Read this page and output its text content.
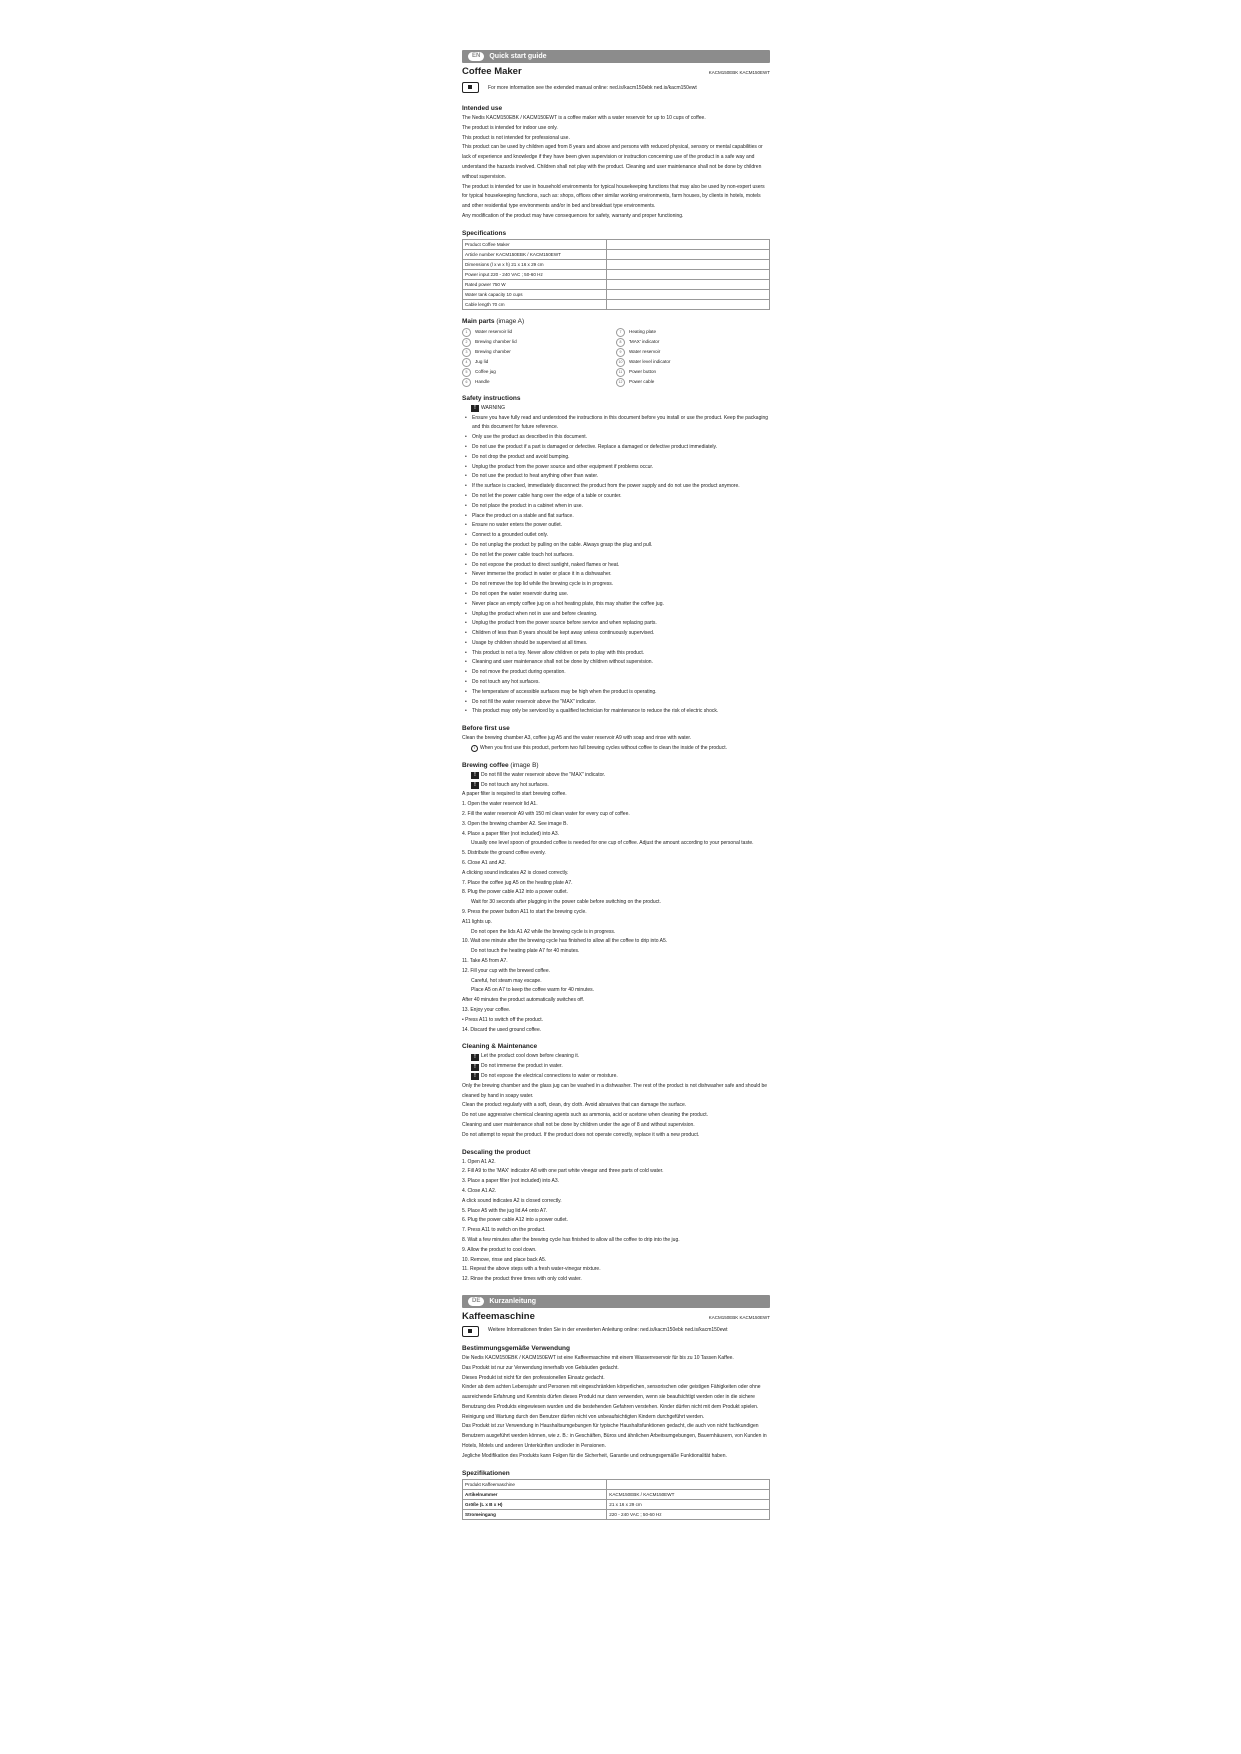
EN	Quick start guide
Coffee Maker	KACM150EBK KACM150EWT
For more information see the extended manual online: ned.is/kacm150ebk ned.is/kacm150ewt
Intended use

The Nedis KACM150EBK / KACM150EWT is a coffee maker with a water reservoir for up to 10 cups of coffee.

The product is intended for indoor use only.

This product is not intended for professional use.

This product can be used by children aged from 8 years and above and persons with reduced physical, sensory or mental capabilities or lack of experience and knowledge if they have been given supervision or instruction concerning use of the product in a safe way and understand the hazards involved. Children shall not play with the product. Cleaning and user maintenance shall not be done by children without supervision.

The product is intended for use in household environments for typical housekeeping functions that may also be used by non-expert users for typical housekeeping functions, such as: shops, offices other similar working environments, farm houses, by clients in hotels, motels and other residential type environments and/or in bed and breakfast type environments.

Any modification of the product may have consequences for safety, warranty and proper functioning.

Specifications
Product Coffee Maker	
Article number KACM150EBK / KACM150EWT	
Dimensions (l x w x h) 21 x 16 x 29 cm	
Power input 220 - 240 VAC ; 50-60 Hz	
Rated power 750 W	
Water tank capacity 10 cups	
Cable length 70 cm	
Main parts (image A)
1 Water reservoir lid	7 Heating plate
2 Brewing chamber lid	8 'MAX' indicator
3 Brewing chamber	9 Water reservoir
4 Jug lid	10 Water level indicator
5 Coffee jug	11 Power button
6 Handle	12 Power cable
Safety instructions
!	WARNING
• Ensure you have fully read and understood the instructions in this document before you install or use the product. Keep the packaging and this document for future reference.
• Only use the product as described in this document.
• Do not use the product if a part is damaged or defective. Replace a damaged or defective product immediately.
• Do not drop the product and avoid bumping.
• Unplug the product from the power source and other equipment if problems occur.
• Do not use the product to heat anything other than water.
• If the surface is cracked, immediately disconnect the product from the power supply and do not use the product anymore.
• Do not let the power cable hang over the edge of a table or counter.
• Do not place the product in a cabinet when in use.
• Place the product on a stable and flat surface.
• Ensure no water enters the power outlet.
• Connect to a grounded outlet only.
• Do not unplug the product by pulling on the cable. Always grasp the plug and pull.
• Do not let the power cable touch hot surfaces.
• Do not expose the product to direct sunlight, naked flames or heat.
• Never immerse the product in water or place it in a dishwasher.
• Do not remove the top lid while the brewing cycle is in progress.
• Do not open the water reservoir during use.
• Never place an empty coffee jug on a hot heating plate, this may shatter the coffee jug.
• Unplug the product when not in use and before cleaning.
• Unplug the product from the power source before service and when replacing parts.
• Children of less than 8 years should be kept away unless continuously supervised.
• Usage by children should be supervised at all times.
• This product is not a toy. Never allow children or pets to play with this product.
• Cleaning and user maintenance shall not be done by children without supervision.
• Do not move the product during operation.
• Do not touch any hot surfaces.
• The temperature of accessible surfaces may be high when the product is operating.
• Do not fill the water reservoir above the "MAX" indicator.
• This product may only be serviced by a qualified technician for maintenance to reduce the risk of electric shock.
Before first use

Clean the brewing chamber A3, coffee jug A5 and the water reservoir A9 with soap and rinse with water.

i When you first use this product, perform two full brewing cycles without coffee to clean the inside of the product.
Brewing coffee (image B)
!	Do not fill the water reservoir above the "MAX" indicator.
!	Do not touch any hot surfaces.
A paper filter is required to start brewing coffee.
1. Open the water reservoir lid A1.
2. Fill the water reservoir A9 with 150 ml clean water for every cup of coffee.
3. Open the brewing chamber A2. See image B.
4. Place a paper filter (not included) into A3.
Usually one level spoon of grounded coffee is needed for one cup of coffee. Adjust the amount according to your personal taste.
5. Distribute the ground coffee evenly.
6. Close A1 and A2.
A clicking sound indicates A2 is closed correctly.
7. Place the coffee jug A5 on the heating plate A7.
8. Plug the power cable A12 into a power outlet.
Wait for 30 seconds after plugging in the power cable before switching on the product.
9. Press the power button A11 to start the brewing cycle.
A11 lights up.
Do not open the lids A1 A2 while the brewing cycle is in progress.
10. Wait one minute after the brewing cycle has finished to allow all the coffee to drip into A5.
Do not touch the heating plate A7 for 40 minutes.
11. Take A5 from A7.
12. Fill your cup with the brewed coffee.
Careful, hot steam may escape.
Place A5 on A7 to keep the coffee warm for 40 minutes.
After 40 minutes the product automatically switches off.
13. Enjoy your coffee.
• Press A11 to switch off the product.
14. Discard the used ground coffee.
Cleaning & Maintenance
!	Let the product cool down before cleaning it.
!	Do not immerse the product in water.
!	Do not expose the electrical connections to water or moisture.

Only the brewing chamber and the glass jug can be washed in a dishwasher. The rest of the product is not dishwasher safe and should be cleaned by hand in soapy water.

Clean the product regularly with a soft, clean, dry cloth. Avoid abrasives that can damage the surface.

Do not use aggressive chemical cleaning agents such as ammonia, acid or acetone when cleaning the product.

Cleaning and user maintenance shall not be done by children under the age of 8 and without supervision.

Do not attempt to repair the product. If the product does not operate correctly, replace it with a new product.

Descaling the product
1. Open A1 A2.
2. Fill A9 to the 'MAX' indicator A8 with one part white vinegar and three parts of cold water.
3. Place a paper filter (not included) into A3.
4. Close A1 A2.
A click sound indicates A2 is closed correctly.
5. Place A5 with the jug lid A4 onto A7.
6. Plug the power cable A12 into a power outlet.
7. Press A11 to switch on the product.
8. Wait a few minutes after the brewing cycle has finished to allow all the coffee to drip into the jug.
9. Allow the product to cool down.
10. Remove, rinse and place back A5.
11. Repeat the above steps with a fresh water-vinegar mixture.
12. Rinse the product three times with only cold water.
DE	Kurzanleitung
Kaffeemaschine	KACM150EBK KACM150EWT
Weitere Informationen finden Sie in der erweiterten Anleitung online: ned.is/kacm150ebk ned.is/kacm150ewt
Bestimmungsgemäße Verwendung

Die Nedis KACM150EBK / KACM150EWT ist eine Kaffeemaschine mit einem Wasserreservoir für bis zu 10 Tassen Kaffee.

Das Produkt ist nur zur Verwendung innerhalb von Gebäuden gedacht.

Dieses Produkt ist nicht für den professionellen Einsatz gedacht.

Kinder ab dem achten Lebensjahr und Personen mit eingeschränkten körperlichen, sensorischen oder geistigen Fähigkeiten oder ohne ausreichende Erfahrung und Kenntnis dürfen dieses Produkt nur dann verwenden, wenn sie beaufsichtigt werden oder in die sichere Benutzung des Produkts eingewiesen wurden und die bestehenden Gefahren verstehen. Kinder dürfen nicht mit dem Produkt spielen. Reinigung und Wartung durch den Benutzer dürfen nicht von unbeaufsichtigten Kindern durchgeführt werden.

Das Produkt ist zur Verwendung in Haushaltsumgebungen für typische Haushaltsfunktionen gedacht, die auch von nicht fachkundigen Benutzern ausgeführt werden können, wie z. B.: in Geschäften, Büros und ähnlichen Arbeitsumgebungen, Bauernhäusern, von Kunden in Hotels, Motels und anderen Unterkünften und/oder in Pensionen.

Jegliche Modifikation des Produkts kann Folgen für die Sicherheit, Garantie und ordnungsgemäße Funktionalität haben.

Spezifikationen
Produkt Kaffeemaschine	
Artikelnummer	KACM150EBK / KACM150EWT
Größe (L x B x H)	21 x 16 x 29 cm
Stromeingang	220 - 240 VAC ; 50-60 Hz
